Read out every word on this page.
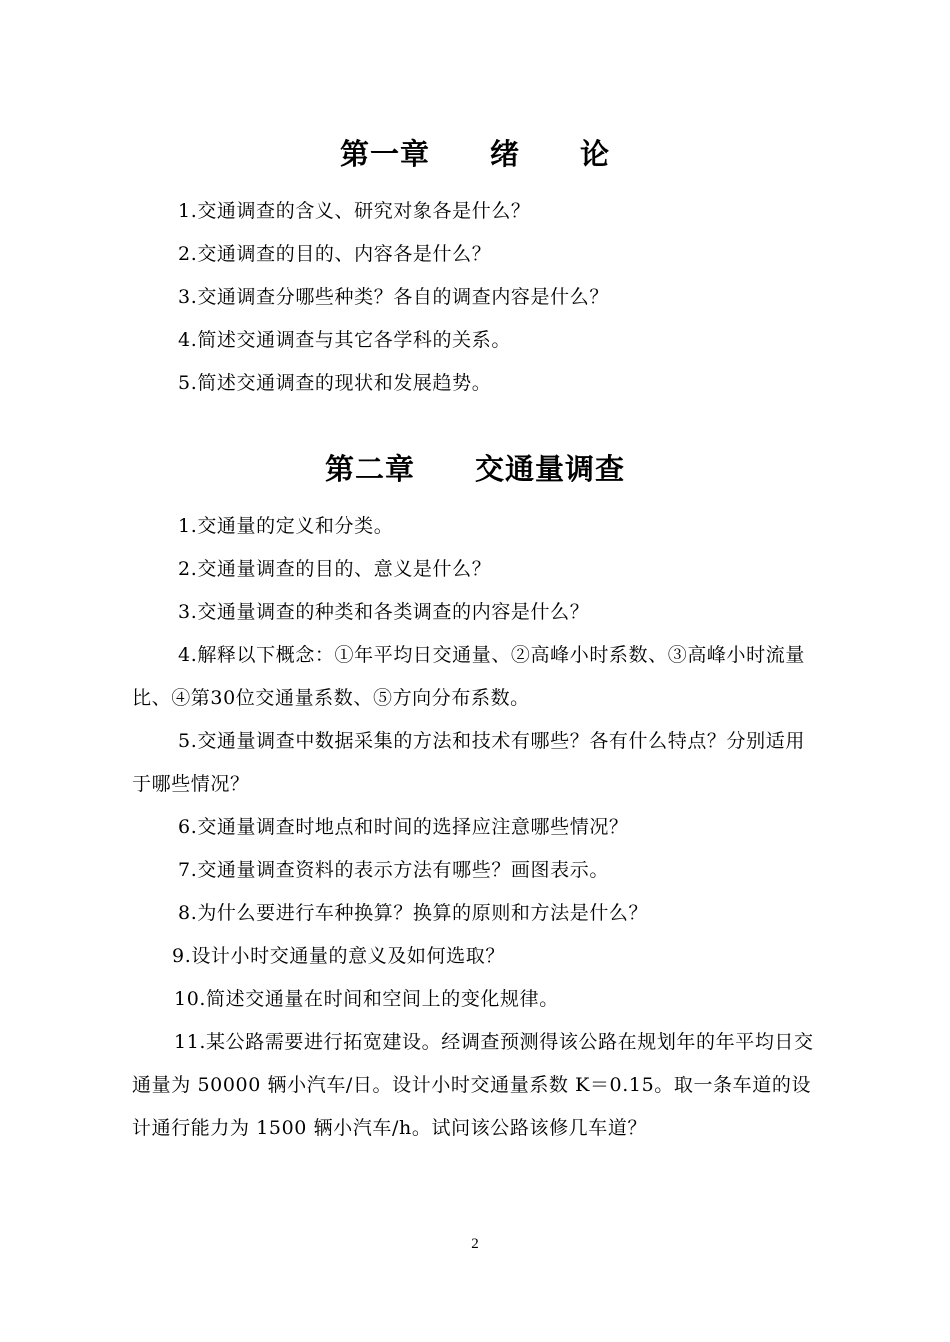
第一章　　绪　　论
1.交通调查的含义、研究对象各是什么？
2.交通调查的目的、内容各是什么？
3.交通调查分哪些种类？各自的调查内容是什么？
4.简述交通调查与其它各学科的关系。
5.简述交通调查的现状和发展趋势。
第二章　　交通量调查
1.交通量的定义和分类。
2.交通量调查的目的、意义是什么？
3.交通量调查的种类和各类调查的内容是什么？
4.解释以下概念：①年平均日交通量、②高峰小时系数、③高峰小时流量比、④第30位交通量系数、⑤方向分布系数。
5.交通量调查中数据采集的方法和技术有哪些？各有什么特点？分别适用于哪些情况？
6.交通量调查时地点和时间的选择应注意哪些情况？
7.交通量调查资料的表示方法有哪些？画图表示。
8.为什么要进行车种换算？换算的原则和方法是什么？
9.设计小时交通量的意义及如何选取？
10.简述交通量在时间和空间上的变化规律。
11.某公路需要进行拓宽建设。经调查预测得该公路在规划年的年平均日交通量为 50000 辆小汽车/日。设计小时交通量系数 K＝0.15。取一条车道的设计通行能力为 1500 辆小汽车/h。试问该公路该修几车道？
2
